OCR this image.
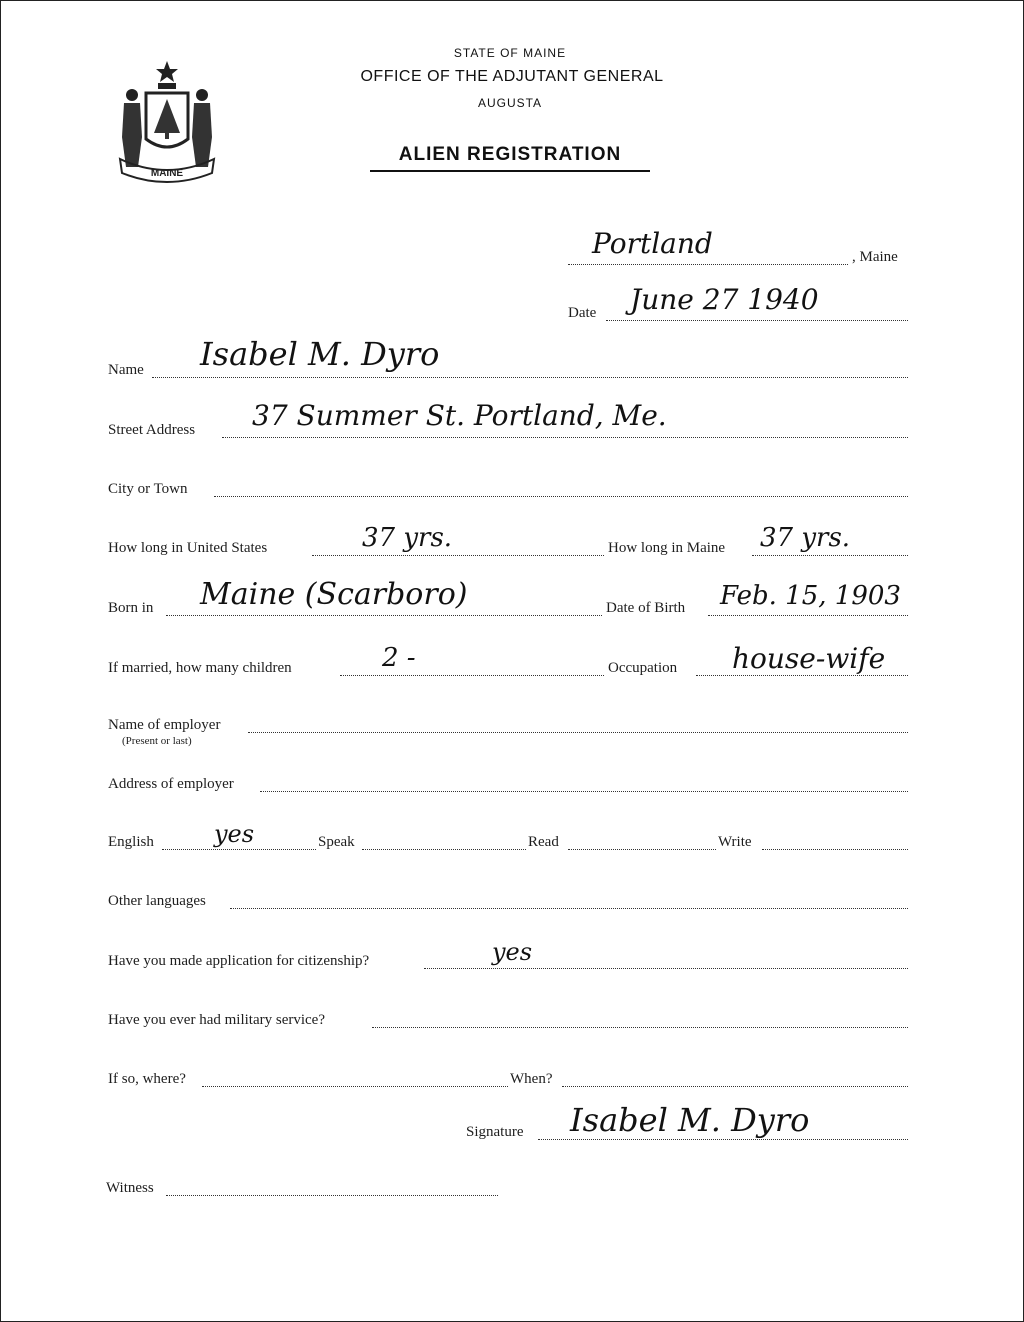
MAINE
STATE OF MAINE
OFFICE OF THE ADJUTANT GENERAL
AUGUSTA
ALIEN REGISTRATION
Portland	, Maine
Date June 27 1940
Name Isabel M. Dyro
Street Address 37 Summer St. Portland, Me.
City or Town
How long in United States	37 yrs.	How long in Maine 37 yrs.
Born in Maine (Scarboro)	Date of Birth Feb. 15, 1903
If married, how many children	2 -	Occupation house-wife
Name of employer
(Present or last)
Address of employer
English	yes	Speak	Read	Write
Other languages
Have you made application for citizenship?	yes
Have you ever had military service?
If so, where?	When?
Signature Isabel M. Dyro
Witness
